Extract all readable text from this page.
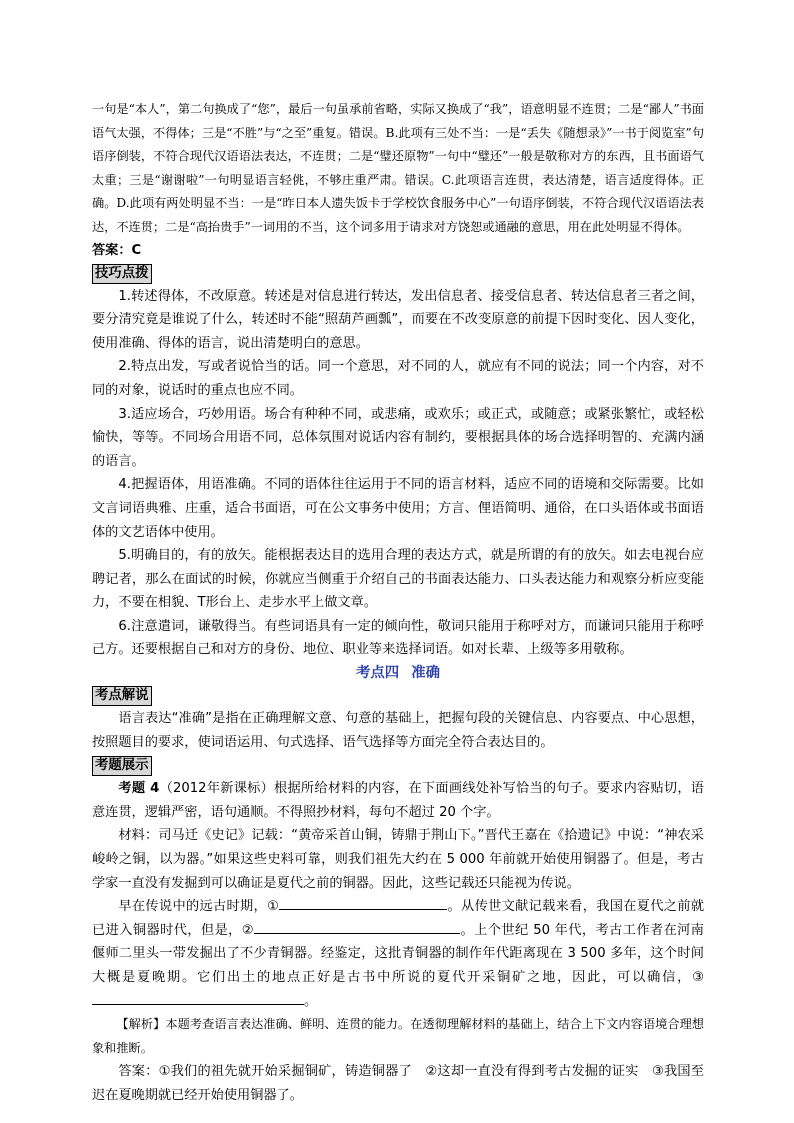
一句是“本人”，第二句换成了“您”，最后一句虽承前省略，实际又换成了“我”，语意明显不连贯；二是“鄙人”书面语气太强，不得体；三是“不胜”与“之至”重复。错误。B.此项有三处不当：一是“丢失《随想录》”一书于阅览室”句语序倒装，不符合现代汉语语法表达，不连贯；二是“璧还原物”一句中“璧还”一般是敬称对方的东西，且书面语气太重；三是“谢谢啦”一句明显语言轻佻，不够庄重严肃。错误。C.此项语言连贯，表达清楚，语言适度得体。正确。D.此项有两处明显不当：一是“昨日本人遗失饭卡于学校饮食服务中心”一句语序倒装，不符合现代汉语语法表达，不连贯；二是“高抬贵手”一词用的不当，这个词多用于请求对方饶恕或通融的意思，用在此处明显不得体。

答案：C

技巧点拨

1.转述得体，不改原意。转述是对信息进行转达，发出信息者、接受信息者、转达信息者三者之间，要分清究竟是谁说了什么，转述时不能“照葫芦画瓢”，而要在不改变原意的前提下因时变化、因人变化，使用准确、得体的语言，说出清楚明白的意思。

2.特点出发，写或者说恰当的话。同一个意思，对不同的人，就应有不同的说法；同一个内容，对不同的对象，说话时的重点也应不同。

3.适应场合，巧妙用语。场合有种种不同，或悲痛，或欢乐；或正式，或随意；或紧张繁忙，或轻松愉快，等等。不同场合用语不同，总体氛围对说话内容有制约，要根据具体的场合选择明智的、充满内涵的语言。

4.把握语体，用语准确。不同的语体往往运用于不同的语言材料，适应不同的语境和交际需要。比如文言词语典雅、庄重，适合书面语，可在公文事务中使用；方言、俚语简明、通俗，在口头语体或书面语体的文艺语体中使用。

5.明确目的，有的放矢。能根据表达目的选用合理的表达方式，就是所谓的有的放矢。如去电视台应聘记者，那么在面试的时候，你就应当侧重于介绍自己的书面表达能力、口头表达能力和观察分析应变能力，不要在相貌、T形台上、走步水平上做文章。

6.注意遣词，谦敬得当。有些词语具有一定的倾向性，敬词只能用于称呼对方，而谦词只能用于称呼己方。还要根据自己和对方的身份、地位、职业等来选择词语。如对长辈、上级等多用敬称。

考点四 准确

考点解说

语言表达“准确”是指在正确理解文意、句意的基础上，把握句段的关键信息、内容要点、中心思想，按照题目的要求，使词语运用、句式选择、语气选择等方面完全符合表达目的。

考题展示

考题 4（2012年新课标）根据所给材料的内容，在下面画线处补写恰当的句子。要求内容贴切，语意连贯，逻辑严密，语句通顺。不得照抄材料，每句不超过 20 个字。

材料：司马迁《史记》记载：“黄帝采首山铜，铸鼎于荆山下。”晋代王嘉在《拾遗记》中说：“神农采峻岭之铜，以为器。”如果这些史料可靠，则我们祖先大约在 5 000 年前就开始使用铜器了。但是，考古学家一直没有发掘到可以确证是夏代之前的铜器。因此，这些记载还只能视为传说。

早在传说中的远古时期，①	。从传世文献记载来看，我国在夏代之前就已进入铜器时代，但是，②	。上个世纪 50 年代，考古工作者在河南偃师二里头一带发掘出了不少青铜器。经鉴定，这批青铜器的制作年代距离现在 3 500 多年，这个时间大概是夏晚期。它们出土的地点正好是古书中所说的夏代开采铜矿之地，因此，可以确信，③。

【解析】本题考查语言表达准确、鲜明、连贯的能力。在透彻理解材料的基础上，结合上下文内容语境合理想象和推断。

答案：①我们的祖先就开始采掘铜矿，铸造铜器了　②这却一直没有得到考古发掘的证实　③我国至迟在夏晚期就已经开始使用铜器了。
